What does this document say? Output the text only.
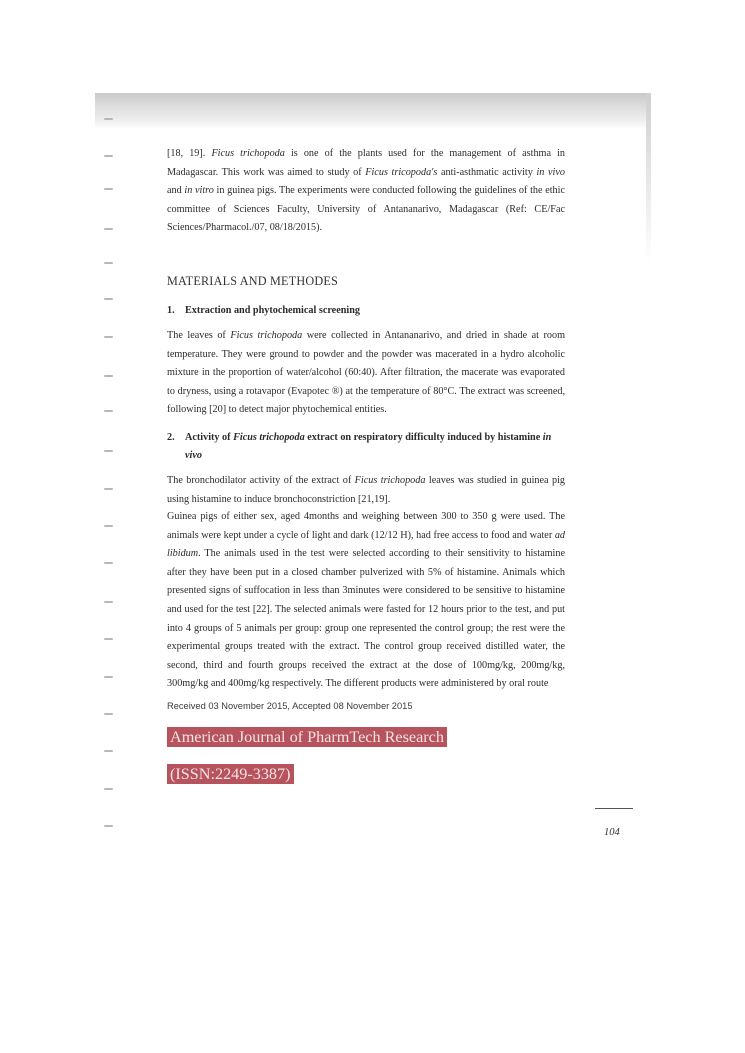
[18, 19]. Ficus trichopoda is one of the plants used for the management of asthma in Madagascar. This work was aimed to study of Ficus tricopoda's anti-asthmatic activity in vivo and in vitro in guinea pigs. The experiments were conducted following the guidelines of the ethic committee of Sciences Faculty, University of Antananarivo, Madagascar (Ref: CE/Fac Sciences/Pharmacol./07, 08/18/2015).

MATERIALS AND METHODES
1. Extraction and phytochemical screening

The leaves of Ficus trichopoda were collected in Antananarivo, and dried in shade at room temperature. They were ground to powder and the powder was macerated in a hydro alcoholic mixture in the proportion of water/alcohol (60:40). After filtration, the macerate was evaporated to dryness, using a rotavapor (Evapotec ®) at the temperature of 80°C. The extract was screened, following [20] to detect major phytochemical entities.

2. Activity of Ficus trichopoda extract on respiratory difficulty induced by histamine in
vivo

The bronchodilator activity of the extract of Ficus trichopoda leaves was studied in guinea pig using histamine to induce bronchoconstriction [21,19].

Guinea pigs of either sex, aged 4months and weighing between 300 to 350 g were used. The animals were kept under a cycle of light and dark (12/12 H), had free access to food and water ad libidum. The animals used in the test were selected according to their sensitivity to histamine after they have been put in a closed chamber pulverized with 5% of histamine. Animals which presented signs of suffocation in less than 3minutes were considered to be sensitive to histamine and used for the test [22]. The selected animals were fasted for 12 hours prior to the test, and put into 4 groups of 5 animals per group: group one represented the control group; the rest were the experimental groups treated with the extract. The control group received distilled water, the second, third and fourth groups received the extract at the dose of 100mg/kg, 200mg/kg, 300mg/kg and 400mg/kg respectively. The different products were administered by oral route

Received 03 November 2015, Accepted 08 November 2015
American Journal of PharmTech Research
(ISSN:2249-3387)
104
